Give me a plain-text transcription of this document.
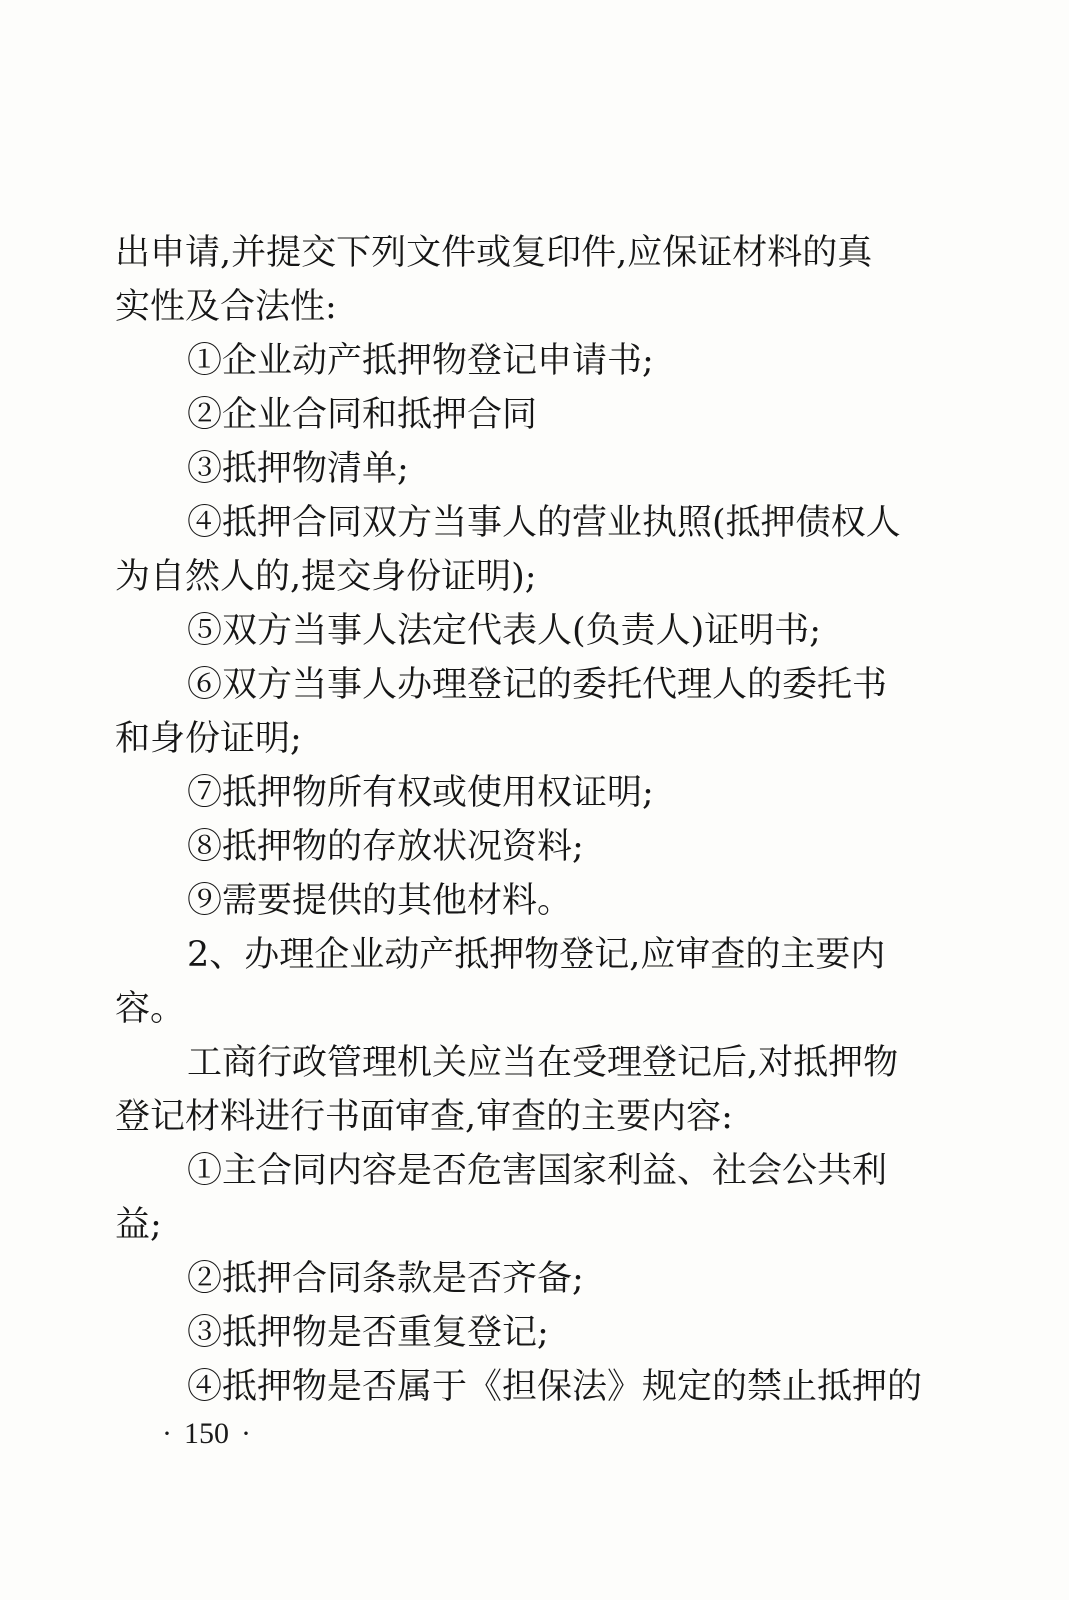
出申请,并提交下列文件或复印件,应保证材料的真
实性及合法性:
①企业动产抵押物登记申请书;
②企业合同和抵押合同
③抵押物清单;
④抵押合同双方当事人的营业执照(抵押债权人
为自然人的,提交身份证明);
⑤双方当事人法定代表人(负责人)证明书;
⑥双方当事人办理登记的委托代理人的委托书
和身份证明;
⑦抵押物所有权或使用权证明;
⑧抵押物的存放状况资料;
⑨需要提供的其他材料。
2、办理企业动产抵押物登记,应审查的主要内
容。
工商行政管理机关应当在受理登记后,对抵押物
登记材料进行书面审查,审查的主要内容:
①主合同内容是否危害国家利益、社会公共利
益;
②抵押合同条款是否齐备;
③抵押物是否重复登记;
④抵押物是否属于《担保法》规定的禁止抵押的
· 150 ·
